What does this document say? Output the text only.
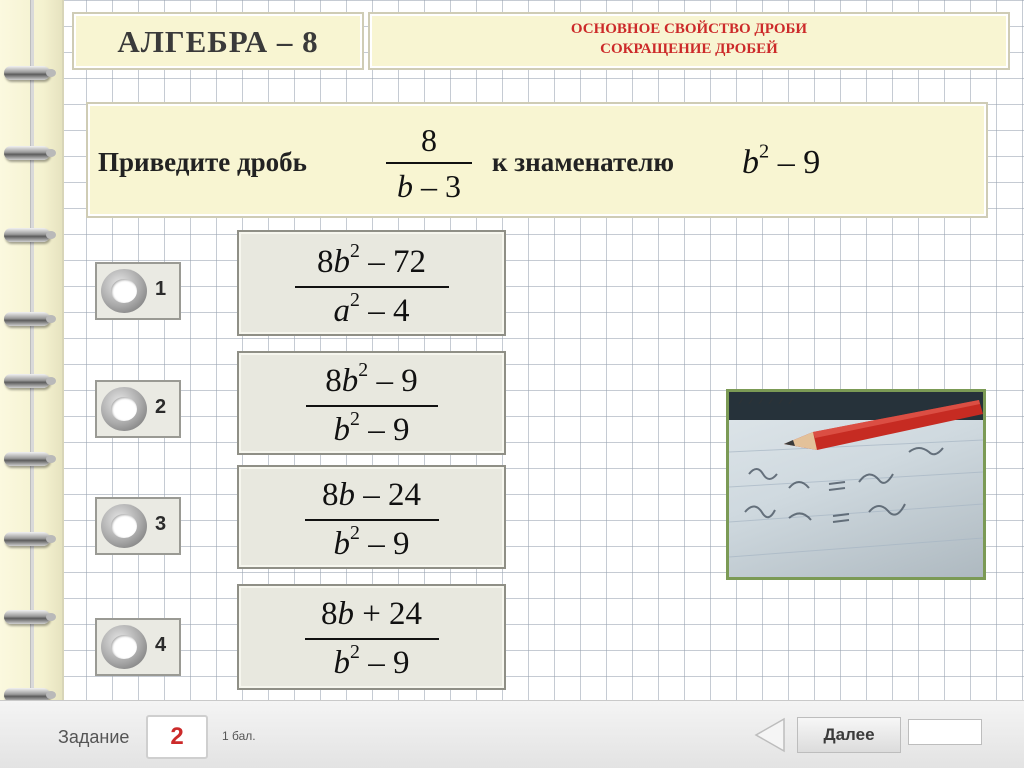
АЛГЕБРА – 8	ОСНОВНОЕ СВОЙСТВО ДРОБИ
СОКРАЩЕНИЕ ДРОБЕЙ
Приведите дробь
8
b – 3
к знаменателю $b^2 - 9$
1
$8b^2 - 72$
$a^2 - 4$
2
$8b^2 - 9$
$b^2 - 9$
3
8b – 24
$b^2 - 9$
4
8b + 24
$b^2 - 9$
Задание	2	1 бал.	Далее
